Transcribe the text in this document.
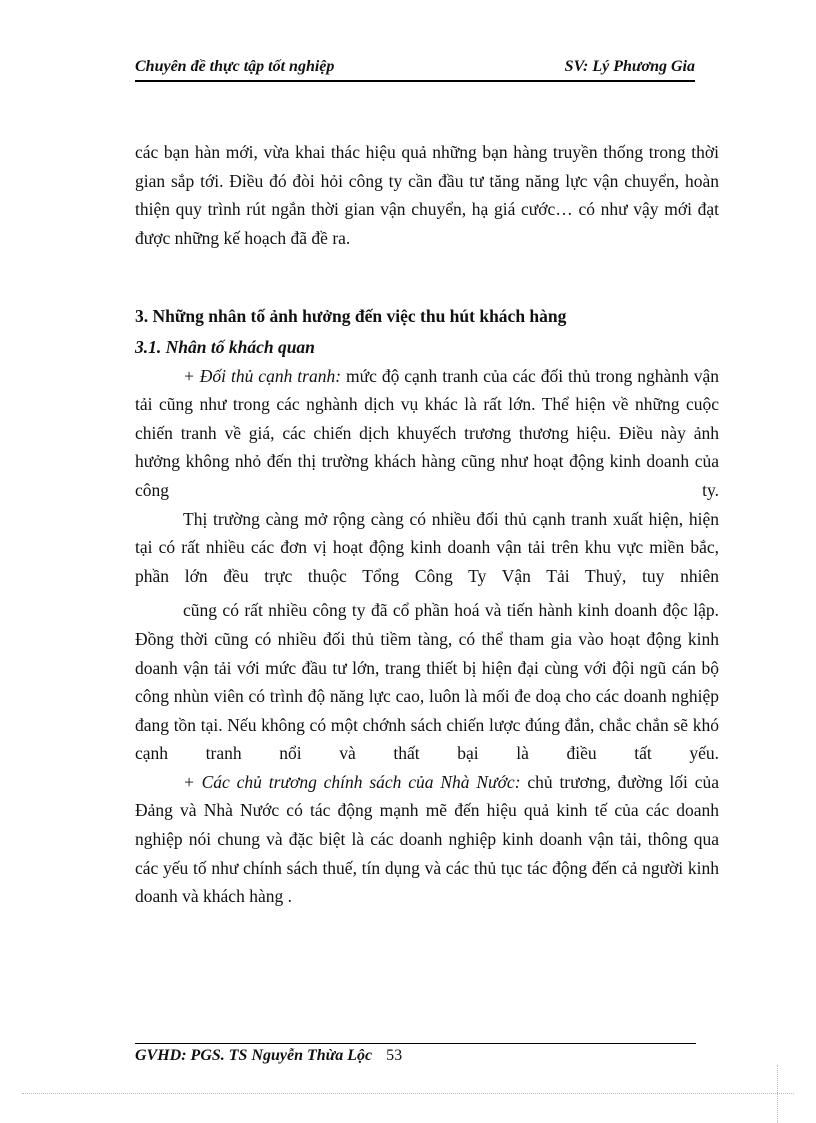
Chuyên đề thực tập tốt nghiệp	SV: Lý Phương Gia

các bạn hàn mới, vừa khai thác hiệu quả những bạn hàng truyền thống trong thời gian sắp tới. Điều đó đòi hỏi công ty cần đầu tư tăng năng lực vận chuyển, hoàn thiện quy trình rút ngắn thời gian vận chuyển, hạ giá cước… có như vậy mới đạt được những kế hoạch đã đề ra.

3. Những nhân tố ảnh hưởng đến việc thu hút khách hàng

3.1. Nhân tố khách quan

+ Đối thủ cạnh tranh: mức độ cạnh tranh của các đối thủ trong nghành vận tải cũng như trong các nghành dịch vụ khác là rất lớn. Thể hiện về những cuộc chiến tranh về giá, các chiến dịch khuyếch trương thương hiệu. Điều này ảnh hưởng không nhỏ đến thị trường khách hàng cũng như hoạt động kinh doanh của công ty.

Thị trường càng mở rộng càng có nhiều đối thủ cạnh tranh xuất hiện, hiện tại có rất nhiều các đơn vị hoạt động kinh doanh vận tải trên khu vực miền bắc, phần lớn đều trực thuộc Tổng Công Ty Vận Tải Thuỷ, tuy nhiên

cũng có rất nhiều công ty đã cổ phần hoá và tiến hành kinh doanh độc lập. Đồng thời cũng có nhiều đối thủ tiềm tàng, có thể tham gia vào hoạt động kinh doanh vận tải với mức đầu tư lớn, trang thiết bị hiện đại cùng với đội ngũ cán bộ công nhùn viên có trình độ năng lực cao, luôn là mối đe doạ cho các doanh nghiệp đang tồn tại. Nếu không có một chớnh sách chiến lược đúng đắn, chắc chắn sẽ khó cạnh tranh nổi và thất bại là điều tất yếu.

+ Các chủ trương chính sách của Nhà Nước: chủ trương, đường lối của Đảng và Nhà Nước có tác động mạnh mẽ đến hiệu quả kinh tế của các doanh nghiệp nói chung và đặc biệt là các doanh nghiệp kinh doanh vận tải, thông qua các yếu tố như chính sách thuế, tín dụng và các thủ tục tác động đến cả người kinh doanh và khách hàng .

GVHD: PGS. TS Nguyễn Thừa Lộc 53
